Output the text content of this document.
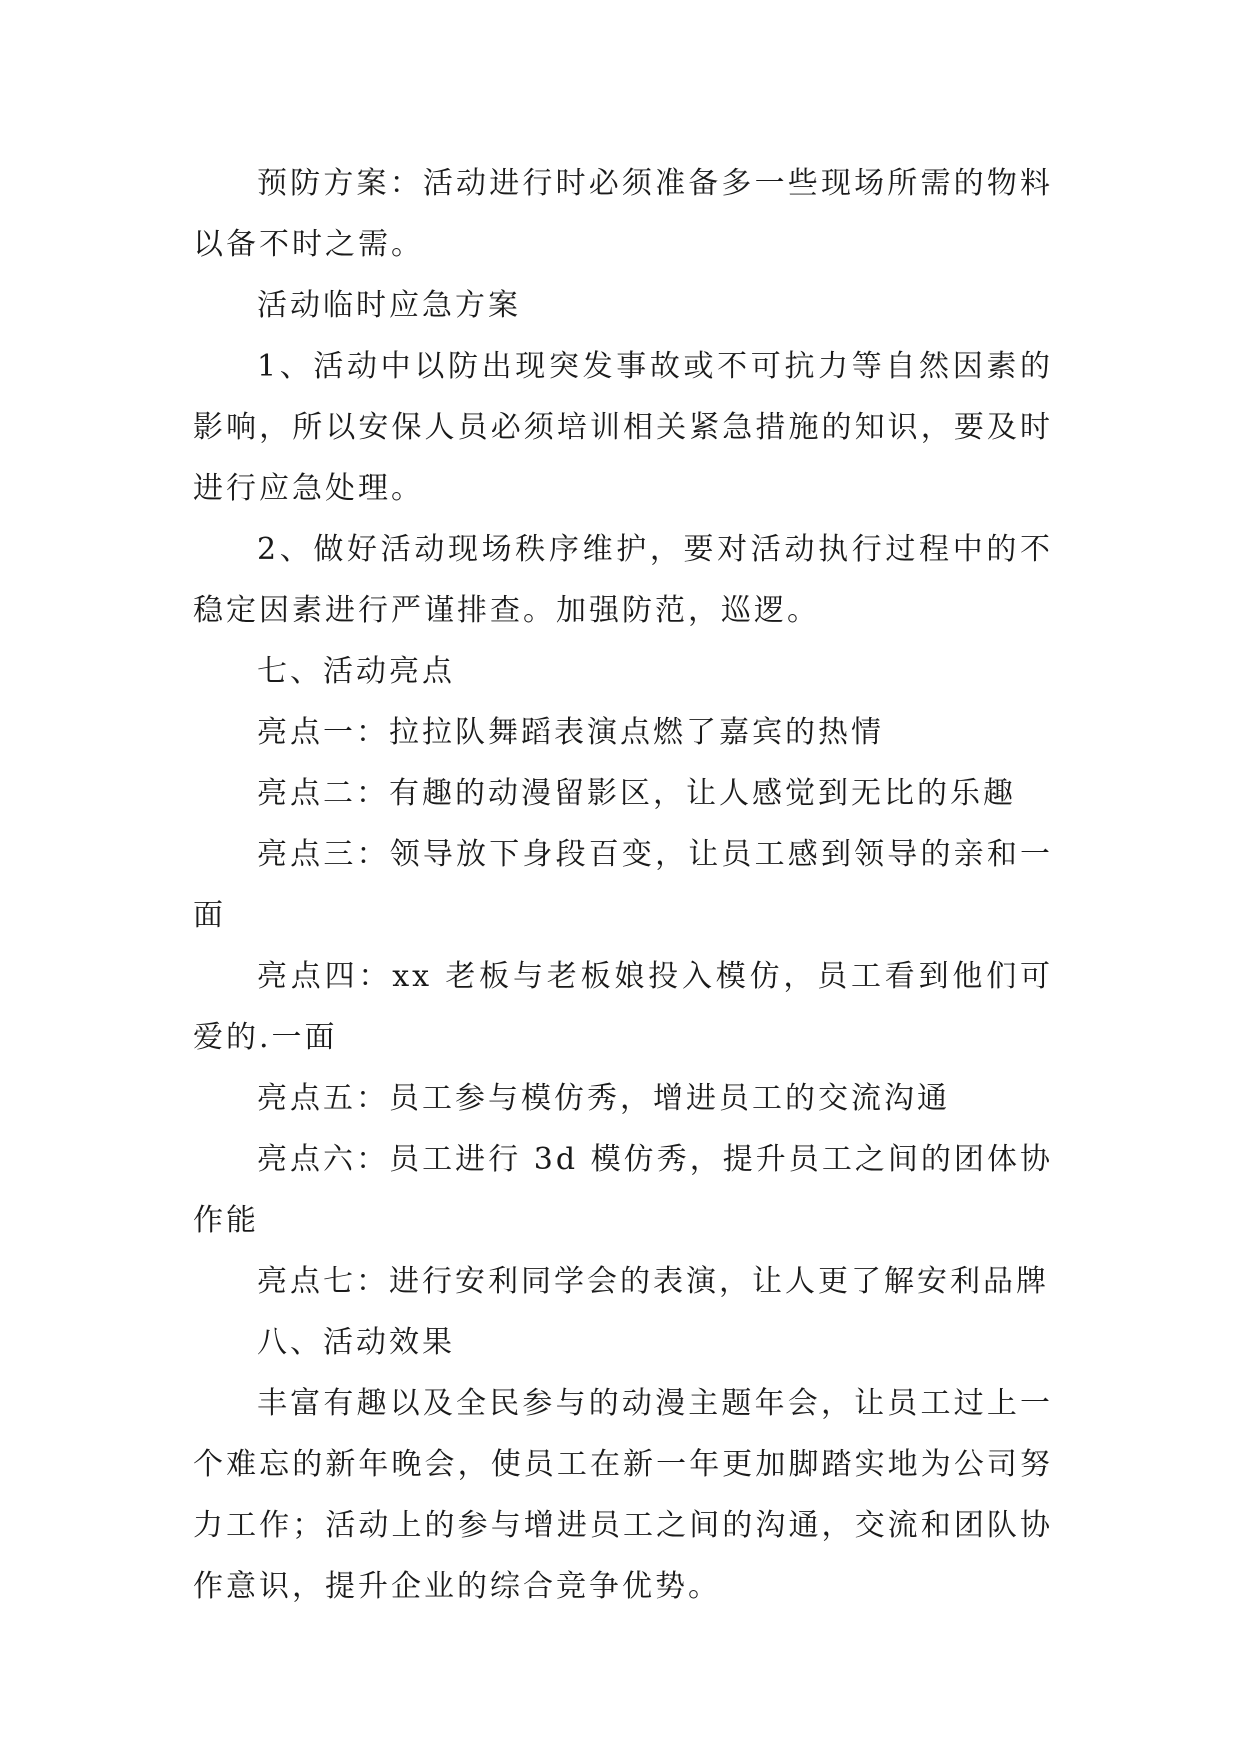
预防方案：活动进行时必须准备多一些现场所需的物料以备不时之需。

活动临时应急方案

1、活动中以防出现突发事故或不可抗力等自然因素的影响，所以安保人员必须培训相关紧急措施的知识，要及时进行应急处理。

2、做好活动现场秩序维护，要对活动执行过程中的不稳定因素进行严谨排查。加强防范，巡逻。

七、活动亮点

亮点一：拉拉队舞蹈表演点燃了嘉宾的热情

亮点二：有趣的动漫留影区，让人感觉到无比的乐趣

亮点三：领导放下身段百变，让员工感到领导的亲和一面

亮点四：xx 老板与老板娘投入模仿，员工看到他们可爱的.一面

亮点五：员工参与模仿秀，增进员工的交流沟通

亮点六：员工进行 3d 模仿秀，提升员工之间的团体协作能

亮点七：进行安利同学会的表演，让人更了解安利品牌

八、活动效果

丰富有趣以及全民参与的动漫主题年会，让员工过上一个难忘的新年晚会，使员工在新一年更加脚踏实地为公司努力工作；活动上的参与增进员工之间的沟通，交流和团队协作意识，提升企业的综合竞争优势。
